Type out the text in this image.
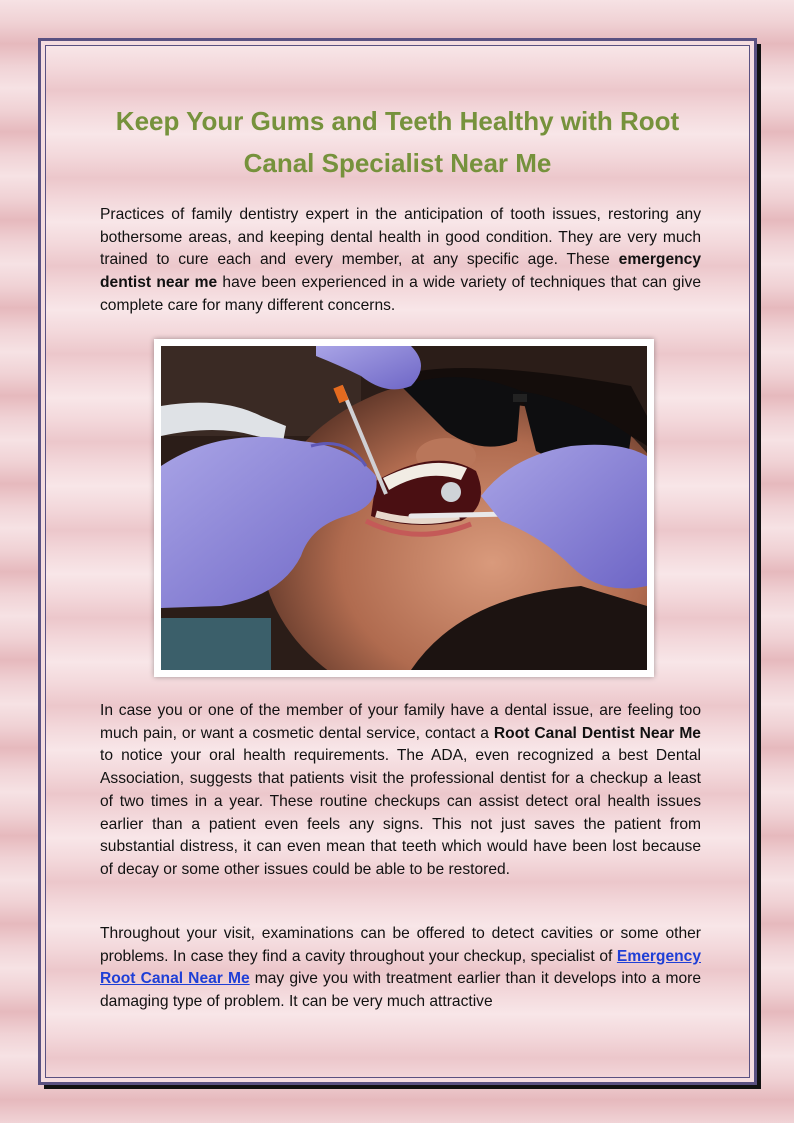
Keep Your Gums and Teeth Healthy with Root Canal Specialist Near Me

Practices of family dentistry expert in the anticipation of tooth issues, restoring any bothersome areas, and keeping dental health in good condition. They are very much trained to cure each and every member, at any specific age. These emergency dentist near me have been experienced in a wide variety of techniques that can give complete care for many different concerns.

In case you or one of the member of your family have a dental issue, are feeling too much pain, or want a cosmetic dental service, contact a Root Canal Dentist Near Me to notice your oral health requirements. The ADA, even recognized a best Dental Association, suggests that patients visit the professional dentist for a checkup a least of two times in a year. These routine checkups can assist detect oral health issues earlier than a patient even feels any signs. This not just saves the patient from substantial distress, it can even mean that teeth which would have been lost because of decay or some other issues could be able to be restored.

Throughout your visit, examinations can be offered to detect cavities or some other problems. In case they find a cavity throughout your checkup, specialist of Emergency Root Canal Near Me may give you with treatment earlier than it develops into a more damaging type of problem. It can be very much attractive
